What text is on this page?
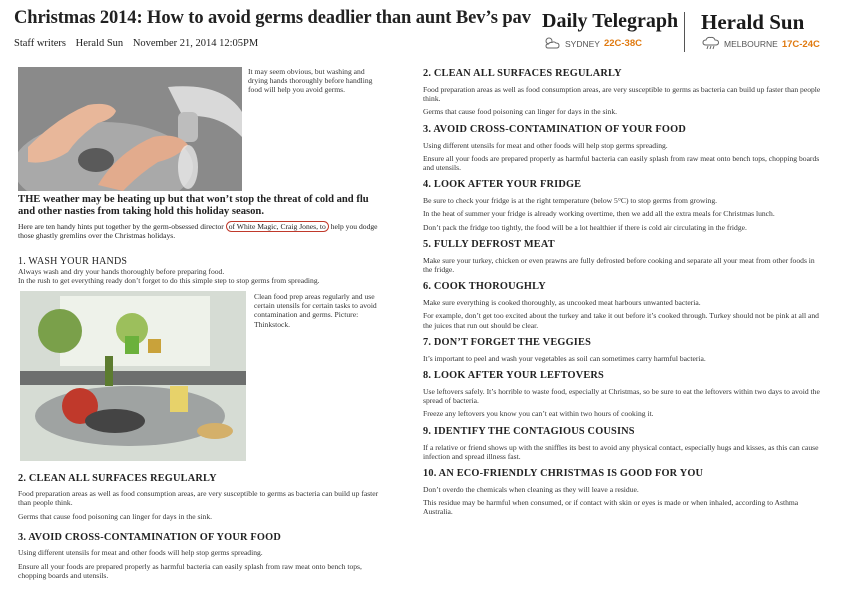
Christmas 2014: How to avoid germs deadlier than aunt Bev’s pav
Staff writers Herald Sun November 21, 2014 12:05PM
Daily Telegraph Herald Sun
SYDNEY 22C-38C	MELBOURNE 17C-24C
It may seem obvious, but washing and drying hands thoroughly before handling food will help you avoid germs.
THE weather may be heating up but that won’t stop the threat of cold and flu and other nasties from taking hold this holiday season.
Here are ten handy hints put together by the germ-obsessed director of White Magic, Craig Jones, to help you dodge those ghastly gremlins over the Christmas holidays.
1. WASH YOUR HANDS
Always wash and dry your hands thoroughly before preparing food.
In the rush to get everything ready don’t forget to do this simple step to stop germs from spreading.
Clean food prep areas regularly and use certain utensils for certain tasks to avoid contamination and germs. Picture: Thinkstock.
2. CLEAN ALL SURFACES REGULARLY
Food preparation areas as well as food consumption areas, are very susceptible to germs as bacteria can build up faster than people think.
Germs that cause food poisoning can linger for days in the sink.
3. AVOID CROSS-CONTAMINATION OF YOUR FOOD
Using different utensils for meat and other foods will help stop germs spreading.
Ensure all your foods are prepared properly as harmful bacteria can easily splash from raw meat onto bench tops, chopping boards and utensils.
2. CLEAN ALL SURFACES REGULARLY
Food preparation areas as well as food consumption areas, are very susceptible to germs as bacteria can build up faster than people think.
Germs that cause food poisoning can linger for days in the sink.
3. AVOID CROSS-CONTAMINATION OF YOUR FOOD
Using different utensils for meat and other foods will help stop germs spreading.
Ensure all your foods are prepared properly as harmful bacteria can easily splash from raw meat onto bench tops, chopping boards and utensils.
4. LOOK AFTER YOUR FRIDGE
Be sure to check your fridge is at the right temperature (below 5°C) to stop germs from growing.
In the heat of summer your fridge is already working overtime, then we add all the extra meals for Christmas lunch.
Don’t pack the fridge too tightly, the food will be a lot healthier if there is cold air circulating in the fridge.
5. FULLY DEFROST MEAT
Make sure your turkey, chicken or even prawns are fully defrosted before cooking and separate all your meat from other foods in the fridge.
6. COOK THOROUGHLY
Make sure everything is cooked thoroughly, as uncooked meat harbours unwanted bacteria.
For example, don’t get too excited about the turkey and take it out before it’s cooked through. Turkey should not be pink at all and the juices that run out should be clear.
7. DON’T FORGET THE VEGGIES
It’s important to peel and wash your vegetables as soil can sometimes carry harmful bacteria.
8. LOOK AFTER YOUR LEFTOVERS
Use leftovers safely. It’s horrible to waste food, especially at Christmas, so be sure to eat the leftovers within two days to avoid the spread of bacteria.
Freeze any leftovers you know you can’t eat within two hours of cooking it.
9. IDENTIFY THE CONTAGIOUS COUSINS
If a relative or friend shows up with the sniffles its best to avoid any physical contact, especially hugs and kisses, as this can cause infection and spread illness fast.
10. AN ECO-FRIENDLY CHRISTMAS IS GOOD FOR YOU
Don’t overdo the chemicals when cleaning as they will leave a residue.
This residue may be harmful when consumed, or if contact with skin or eyes is made or when inhaled, according to Asthma Australia.
